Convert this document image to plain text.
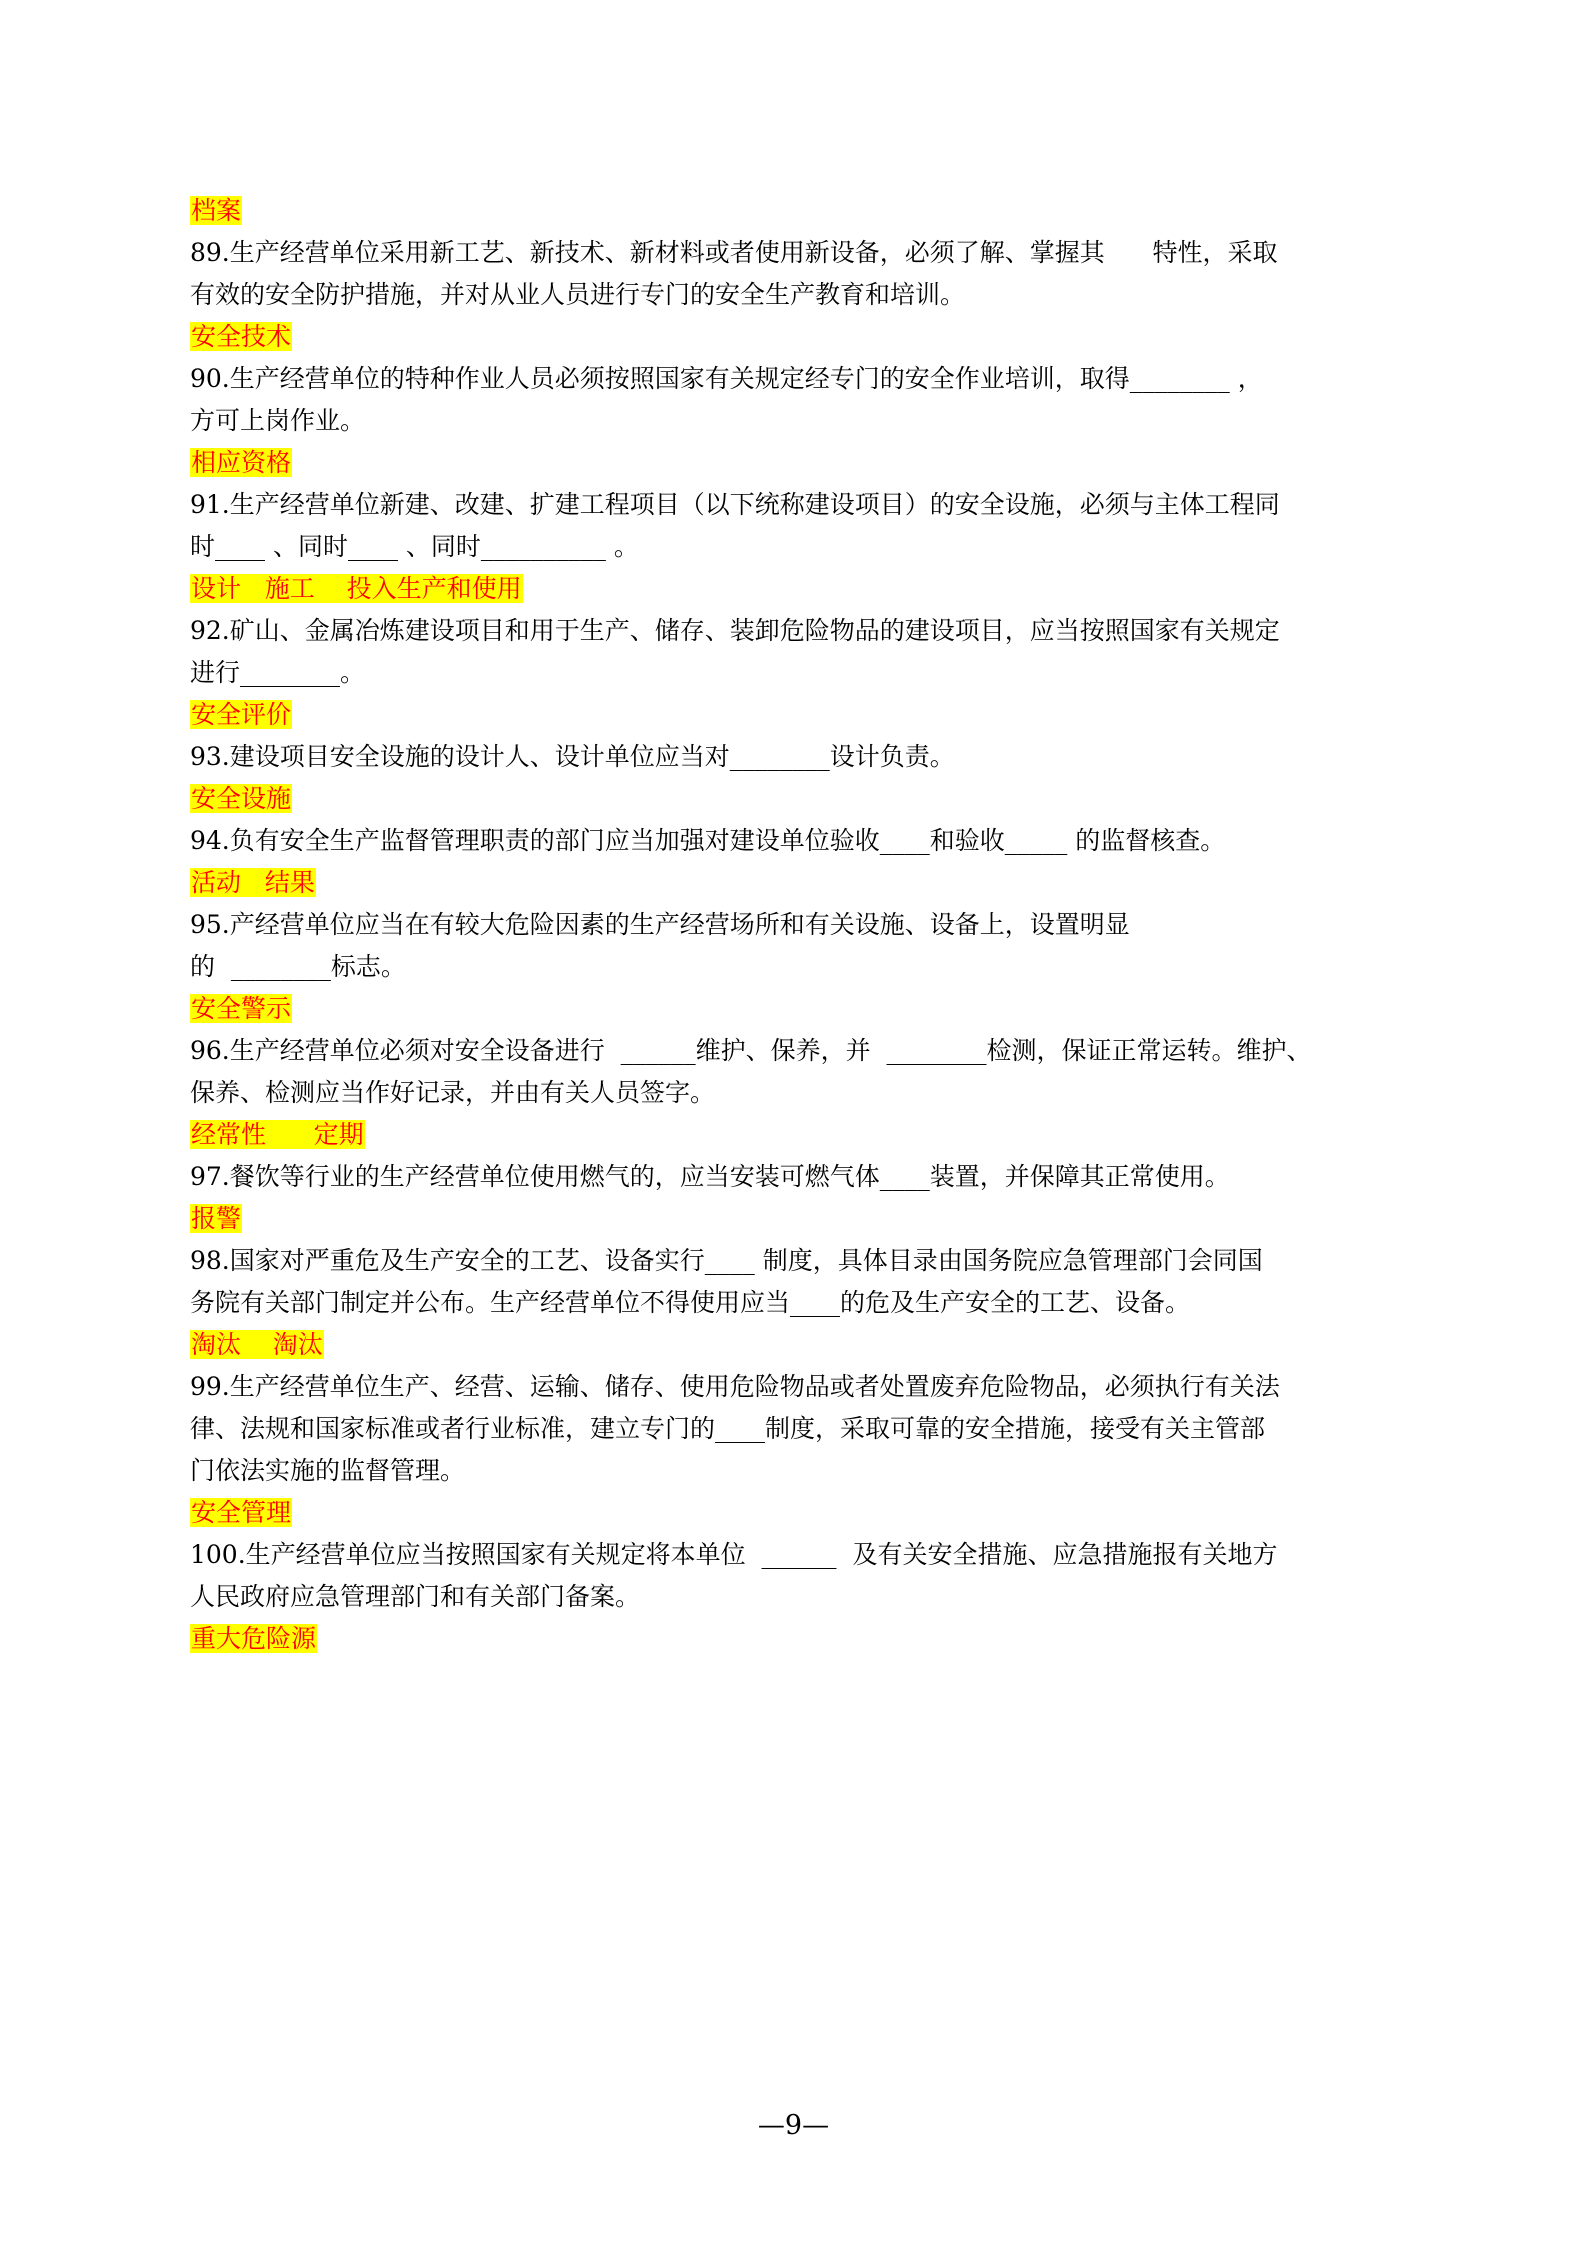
档案
89.生产经营单位采用新工艺、新技术、新材料或者使用新设备，必须了解、掌握其      特性，采取
有效的安全防护措施，并对从业人员进行专门的安全生产教育和培训。
安全技术
90.生产经营单位的特种作业人员必须按照国家有关规定经专门的安全作业培训，取得________ ，
方可上岗作业。
相应资格
91.生产经营单位新建、改建、扩建工程项目（以下统称建设项目）的安全设施，必须与主体工程同
时____ 、同时____ 、同时__________ 。
设计   施工    投入生产和使用
92.矿山、金属冶炼建设项目和用于生产、储存、装卸危险物品的建设项目，应当按照国家有关规定
进行________。
安全评价
93.建设项目安全设施的设计人、设计单位应当对________设计负责。
安全设施
94.负有安全生产监督管理职责的部门应当加强对建设单位验收____和验收_____ 的监督核查。
活动   结果
95.产经营单位应当在有较大危险因素的生产经营场所和有关设施、设备上，设置明显
的  ________标志。
安全警示
96.生产经营单位必须对安全设备进行  ______维护、保养，并  ________检测，保证正常运转。维护、
保养、检测应当作好记录，并由有关人员签字。
经常性      定期
97.餐饮等行业的生产经营单位使用燃气的，应当安装可燃气体____装置，并保障其正常使用。
报警
98.国家对严重危及生产安全的工艺、设备实行____ 制度，具体目录由国务院应急管理部门会同国
务院有关部门制定并公布。生产经营单位不得使用应当____的危及生产安全的工艺、设备。
淘汰    淘汰
99.生产经营单位生产、经营、运输、储存、使用危险物品或者处置废弃危险物品，必须执行有关法
律、法规和国家标准或者行业标准，建立专门的____制度，采取可靠的安全措施，接受有关主管部
门依法实施的监督管理。
安全管理
100.生产经营单位应当按照国家有关规定将本单位  ______  及有关安全措施、应急措施报有关地方
人民政府应急管理部门和有关部门备案。
重大危险源
—9—
